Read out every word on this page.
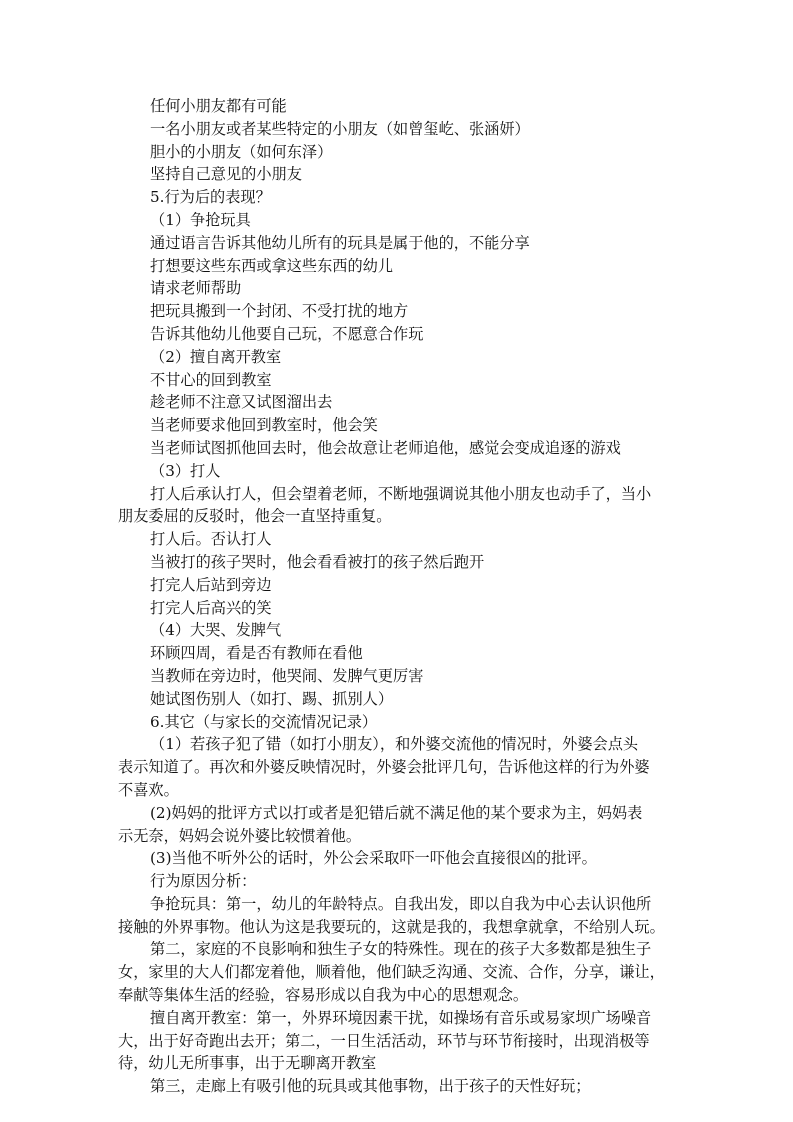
任何小朋友都有可能

一名小朋友或者某些特定的小朋友（如曾玺屹、张涵妍）

胆小的小朋友（如何东泽）

坚持自己意见的小朋友

5.行为后的表现？

（1）争抢玩具

通过语言告诉其他幼儿所有的玩具是属于他的，不能分享

打想要这些东西或拿这些东西的幼儿

请求老师帮助

把玩具搬到一个封闭、不受打扰的地方

告诉其他幼儿他要自己玩，不愿意合作玩

（2）擅自离开教室

不甘心的回到教室

趁老师不注意又试图溜出去

当老师要求他回到教室时，他会笑

当老师试图抓他回去时，他会故意让老师追他，感觉会变成追逐的游戏

（3）打人

打人后承认打人，但会望着老师，不断地强调说其他小朋友也动手了，当小

朋友委屈的反驳时，他会一直坚持重复。

打人后。否认打人

当被打的孩子哭时，他会看看被打的孩子然后跑开

打完人后站到旁边

打完人后高兴的笑

（4）大哭、发脾气

环顾四周，看是否有教师在看他

当教师在旁边时，他哭闹、发脾气更厉害

她试图伤别人（如打、踢、抓别人）

6.其它（与家长的交流情况记录）

（1）若孩子犯了错（如打小朋友），和外婆交流他的情况时，外婆会点头

表示知道了。再次和外婆反映情况时，外婆会批评几句，告诉他这样的行为外婆

不喜欢。

(2)妈妈的批评方式以打或者是犯错后就不满足他的某个要求为主，妈妈表

示无奈，妈妈会说外婆比较惯着他。

(3)当他不听外公的话时，外公会采取吓一吓他会直接很凶的批评。

行为原因分析：

争抢玩具：第一，幼儿的年龄特点。自我出发，即以自我为中心去认识他所

接触的外界事物。他认为这是我要玩的，这就是我的，我想拿就拿，不给别人玩。

第二，家庭的不良影响和独生子女的特殊性。现在的孩子大多数都是独生子

女，家里的大人们都宠着他，顺着他，他们缺乏沟通、交流、合作，分享，谦让，

奉献等集体生活的经验，容易形成以自我为中心的思想观念。

擅自离开教室：第一，外界环境因素干扰，如操场有音乐或易家坝广场噪音

大，出于好奇跑出去开；第二，一日生活活动，环节与环节衔接时，出现消极等

待，幼儿无所事事，出于无聊离开教室

第三，走廊上有吸引他的玩具或其他事物，出于孩子的天性好玩；
